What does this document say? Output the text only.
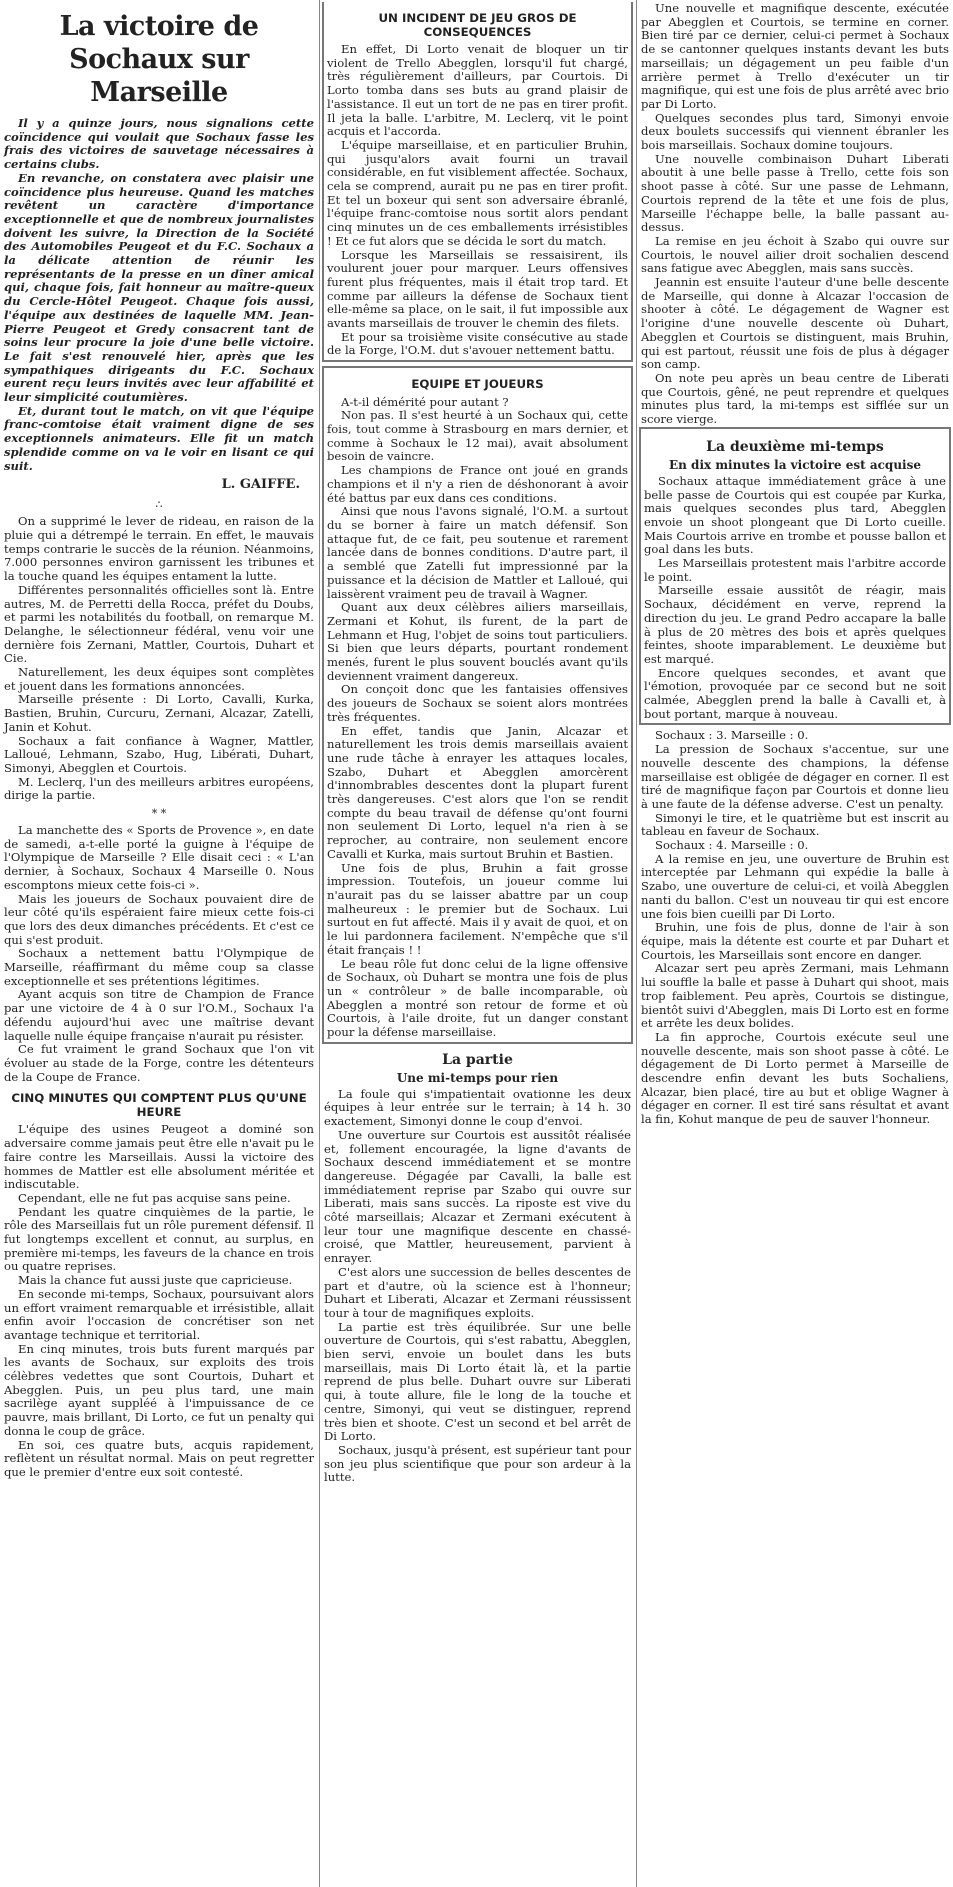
La victoire de Sochaux sur Marseille

Il y a quinze jours, nous signalions cette coïncidence qui voulait que Sochaux fasse les frais des victoires de sauvetage nécessaires à certains clubs.

En revanche, on constatera avec plaisir une coïncidence plus heureuse. Quand les matches revêtent un caractère d'importance exceptionnelle et que de nombreux journalistes doivent les suivre, la Direction de la Société des Automobiles Peugeot et du F.C. Sochaux a la délicate attention de réunir les représentants de la presse en un dîner amical qui, chaque fois, fait honneur au maître-queux du Cercle-Hôtel Peugeot. Chaque fois aussi, l'équipe aux destinées de laquelle MM. Jean-Pierre Peugeot et Gredy consacrent tant de soins leur procure la joie d'une belle victoire. Le fait s'est renouvelé hier, après que les sympathiques dirigeants du F.C. Sochaux eurent reçu leurs invités avec leur affabilité et leur simplicité coutumières.

Et, durant tout le match, on vit que l'équipe franc-comtoise était vraiment digne de ses exceptionnels animateurs. Elle fit un match splendide comme on va le voir en lisant ce qui suit.

L. GAIFFE.
∴

On a supprimé le lever de rideau, en raison de la pluie qui a détrempé le terrain. En effet, le mauvais temps contrarie le succès de la réunion. Néanmoins, 7.000 personnes environ garnissent les tribunes et la touche quand les équipes entament la lutte.

Différentes personnalités officielles sont là. Entre autres, M. de Perretti della Rocca, préfet du Doubs, et parmi les notabilités du football, on remarque M. Delanghe, le sélectionneur fédéral, venu voir une dernière fois Zernani, Mattler, Courtois, Duhart et Cie.

Naturellement, les deux équipes sont complètes et jouent dans les formations annoncées.

Marseille présente : Di Lorto, Cavalli, Kurka, Bastien, Bruhin, Curcuru, Zernani, Alcazar, Zatelli, Janin et Kohut.

Sochaux a fait confiance à Wagner, Mattler, Lalloué, Lehmann, Szabo, Hug, Libérati, Duhart, Simonyi, Abegglen et Courtois.

M. Leclerq, l'un des meilleurs arbitres européens, dirige la partie.

* *

La manchette des « Sports de Provence », en date de samedi, a-t-elle porté la guigne à l'équipe de l'Olympique de Marseille ? Elle disait ceci : « L'an dernier, à Sochaux, Sochaux 4 Marseille 0. Nous escomptons mieux cette fois-ci ».

Mais les joueurs de Sochaux pouvaient dire de leur côté qu'ils espéraient faire mieux cette fois-ci que lors des deux dimanches précédents. Et c'est ce qui s'est produit.

Sochaux a nettement battu l'Olympique de Marseille, réaffirmant du même coup sa classe exceptionnelle et ses prétentions légitimes.

Ayant acquis son titre de Champion de France par une victoire de 4 à 0 sur l'O.M., Sochaux l'a défendu aujourd'hui avec une maîtrise devant laquelle nulle équipe française n'aurait pu résister.

Ce fut vraiment le grand Sochaux que l'on vit évoluer au stade de la Forge, contre les détenteurs de la Coupe de France.

CINQ MINUTES QUI COMPTENT PLUS QU'UNE HEURE

L'équipe des usines Peugeot a dominé son adversaire comme jamais peut être elle n'avait pu le faire contre les Marseillais. Aussi la victoire des hommes de Mattler est elle absolument méritée et indiscutable.

Cependant, elle ne fut pas acquise sans peine.

Pendant les quatre cinquièmes de la partie, le rôle des Marseillais fut un rôle purement défensif. Il fut longtemps excellent et connut, au surplus, en première mi-temps, les faveurs de la chance en trois ou quatre reprises.

Mais la chance fut aussi juste que capricieuse.

En seconde mi-temps, Sochaux, poursuivant alors un effort vraiment remarquable et irrésistible, allait enfin avoir l'occasion de concrétiser son net avantage technique et territorial.

En cinq minutes, trois buts furent marqués par les avants de Sochaux, sur exploits des trois célèbres vedettes que sont Courtois, Duhart et Abegglen. Puis, un peu plus tard, une main sacrilège ayant suppléé à l'impuissance de ce pauvre, mais brillant, Di Lorto, ce fut un penalty qui donna le coup de grâce.

En soi, ces quatre buts, acquis rapidement, reflètent un résultat normal. Mais on peut regretter que le premier d'entre eux soit contesté.

UN INCIDENT DE JEU GROS DE CONSEQUENCES

En effet, Di Lorto venait de bloquer un tir violent de Trello Abegglen, lorsqu'il fut chargé, très régulièrement d'ailleurs, par Courtois. Di Lorto tomba dans ses buts au grand plaisir de l'assistance. Il eut un tort de ne pas en tirer profit. Il jeta la balle. L'arbitre, M. Leclerq, vit le point acquis et l'accorda.

L'équipe marseillaise, et en particulier Bruhin, qui jusqu'alors avait fourni un travail considérable, en fut visiblement affectée. Sochaux, cela se comprend, aurait pu ne pas en tirer profit. Et tel un boxeur qui sent son adversaire ébranlé, l'équipe franc-comtoise nous sortit alors pendant cinq minutes un de ces emballements irrésistibles ! Et ce fut alors que se décida le sort du match.

Lorsque les Marseillais se ressaisirent, ils voulurent jouer pour marquer. Leurs offensives furent plus fréquentes, mais il était trop tard. Et comme par ailleurs la défense de Sochaux tient elle-même sa place, on le sait, il fut impossible aux avants marseillais de trouver le chemin des filets.

Et pour sa troisième visite consécutive au stade de la Forge, l'O.M. dut s'avouer nettement battu.

EQUIPE ET JOUEURS

A-t-il démérité pour autant ?

Non pas. Il s'est heurté à un Sochaux qui, cette fois, tout comme à Strasbourg en mars dernier, et comme à Sochaux le 12 mai), avait absolument besoin de vaincre.

Les champions de France ont joué en grands champions et il n'y a rien de déshonorant à avoir été battus par eux dans ces conditions.

Ainsi que nous l'avons signalé, l'O.M. a surtout du se borner à faire un match défensif. Son attaque fut, de ce fait, peu soutenue et rarement lancée dans de bonnes conditions. D'autre part, il a semblé que Zatelli fut impressionné par la puissance et la décision de Mattler et Lalloué, qui laissèrent vraiment peu de travail à Wagner.

Quant aux deux célèbres ailiers marseillais, Zermani et Kohut, ils furent, de la part de Lehmann et Hug, l'objet de soins tout particuliers. Si bien que leurs départs, pourtant rondement menés, furent le plus souvent bouclés avant qu'ils deviennent vraiment dangereux.

On conçoit donc que les fantaisies offensives des joueurs de Sochaux se soient alors montrées très fréquentes.

En effet, tandis que Janin, Alcazar et naturellement les trois demis marseillais avaient une rude tâche à enrayer les attaques locales, Szabo, Duhart et Abegglen amorcèrent d'innombrables descentes dont la plupart furent très dangereuses. C'est alors que l'on se rendit compte du beau travail de défense qu'ont fourni non seulement Di Lorto, lequel n'a rien à se reprocher, au contraire, non seulement encore Cavalli et Kurka, mais surtout Bruhin et Bastien.

Une fois de plus, Bruhin a fait grosse impression. Toutefois, un joueur comme lui n'aurait pas du se laisser abattre par un coup malheureux : le premier but de Sochaux. Lui surtout en fut affecté. Mais il y avait de quoi, et on le lui pardonnera facilement. N'empêche que s'il était français ! !

Le beau rôle fut donc celui de la ligne offensive de Sochaux, où Duhart se montra une fois de plus un « contrôleur » de balle incomparable, où Abegglen a montré son retour de forme et où Courtois, à l'aile droite, fut un danger constant pour la défense marseillaise.

La partie
Une mi-temps pour rien

La foule qui s'impatientait ovationne les deux équipes à leur entrée sur le terrain; à 14 h. 30 exactement, Simonyi donne le coup d'envoi.

Une ouverture sur Courtois est aussitôt réalisée et, follement encouragée, la ligne d'avants de Sochaux descend immédiatement et se montre dangereuse. Dégagée par Cavalli, la balle est immédiatement reprise par Szabo qui ouvre sur Liberati, mais sans succès. La riposte est vive du côté marseillais; Alcazar et Zermani exécutent à leur tour une magnifique descente en chassé-croisé, que Mattler, heureusement, parvient à enrayer.

C'est alors une succession de belles descentes de part et d'autre, où la science est à l'honneur; Duhart et Liberati, Alcazar et Zermani réussissent tour à tour de magnifiques exploits.

La partie est très équilibrée. Sur une belle ouverture de Courtois, qui s'est rabattu, Abegglen, bien servi, envoie un boulet dans les buts marseillais, mais Di Lorto était là, et la partie reprend de plus belle. Duhart ouvre sur Liberati qui, à toute allure, file le long de la touche et centre, Simonyi, qui veut se distinguer, reprend très bien et shoote. C'est un second et bel arrêt de Di Lorto.

Sochaux, jusqu'à présent, est supérieur tant pour son jeu plus scientifique que pour son ardeur à la lutte.

Une nouvelle et magnifique descente, exécutée par Abegglen et Courtois, se termine en corner. Bien tiré par ce dernier, celui-ci permet à Sochaux de se cantonner quelques instants devant les buts marseillais; un dégagement un peu faible d'un arrière permet à Trello d'exécuter un tir magnifique, qui est une fois de plus arrêté avec brio par Di Lorto.

Quelques secondes plus tard, Simonyi envoie deux boulets successifs qui viennent ébranler les bois marseillais. Sochaux domine toujours.

Une nouvelle combinaison Duhart Liberati aboutit à une belle passe à Trello, cette fois son shoot passe à côté. Sur une passe de Lehmann, Courtois reprend de la tête et une fois de plus, Marseille l'échappe belle, la balle passant au-dessus.

La remise en jeu échoit à Szabo qui ouvre sur Courtois, le nouvel ailier droit sochalien descend sans fatigue avec Abegglen, mais sans succès.

Jeannin est ensuite l'auteur d'une belle descente de Marseille, qui donne à Alcazar l'occasion de shooter à côté. Le dégagement de Wagner est l'origine d'une nouvelle descente où Duhart, Abegglen et Courtois se distinguent, mais Bruhin, qui est partout, réussit une fois de plus à dégager son camp.

On note peu après un beau centre de Liberati que Courtois, gêné, ne peut reprendre et quelques minutes plus tard, la mi-temps est sifflée sur un score vierge.

La deuxième mi-temps
En dix minutes la victoire est acquise

Sochaux attaque immédiatement grâce à une belle passe de Courtois qui est coupée par Kurka, mais quelques secondes plus tard, Abegglen envoie un shoot plongeant que Di Lorto cueille. Mais Courtois arrive en trombe et pousse ballon et goal dans les buts.

Les Marseillais protestent mais l'arbitre accorde le point.

Marseille essaie aussitôt de réagir, mais Sochaux, décidément en verve, reprend la direction du jeu. Le grand Pedro accapare la balle à plus de 20 mètres des bois et après quelques feintes, shoote imparablement. Le deuxième but est marqué.

Encore quelques secondes, et avant que l'émotion, provoquée par ce second but ne soit calmée, Abegglen prend la balle à Cavalli et, à bout portant, marque à nouveau.

Sochaux : 3. Marseille : 0.

La pression de Sochaux s'accentue, sur une nouvelle descente des champions, la défense marseillaise est obligée de dégager en corner. Il est tiré de magnifique façon par Courtois et donne lieu à une faute de la défense adverse. C'est un penalty.

Simonyi le tire, et le quatrième but est inscrit au tableau en faveur de Sochaux.

Sochaux : 4. Marseille : 0.

A la remise en jeu, une ouverture de Bruhin est interceptée par Lehmann qui expédie la balle à Szabo, une ouverture de celui-ci, et voilà Abegglen nanti du ballon. C'est un nouveau tir qui est encore une fois bien cueilli par Di Lorto.

Bruhin, une fois de plus, donne de l'air à son équipe, mais la détente est courte et par Duhart et Courtois, les Marseillais sont encore en danger.

Alcazar sert peu après Zermani, mais Lehmann lui souffle la balle et passe à Duhart qui shoot, mais trop faiblement. Peu après, Courtois se distingue, bientôt suivi d'Abegglen, mais Di Lorto est en forme et arrête les deux bolides.

La fin approche, Courtois exécute seul une nouvelle descente, mais son shoot passe à côté. Le dégagement de Di Lorto permet à Marseille de descendre enfin devant les buts Sochaliens, Alcazar, bien placé, tire au but et oblige Wagner à dégager en corner. Il est tiré sans résultat et avant la fin, Kohut manque de peu de sauver l'honneur.
